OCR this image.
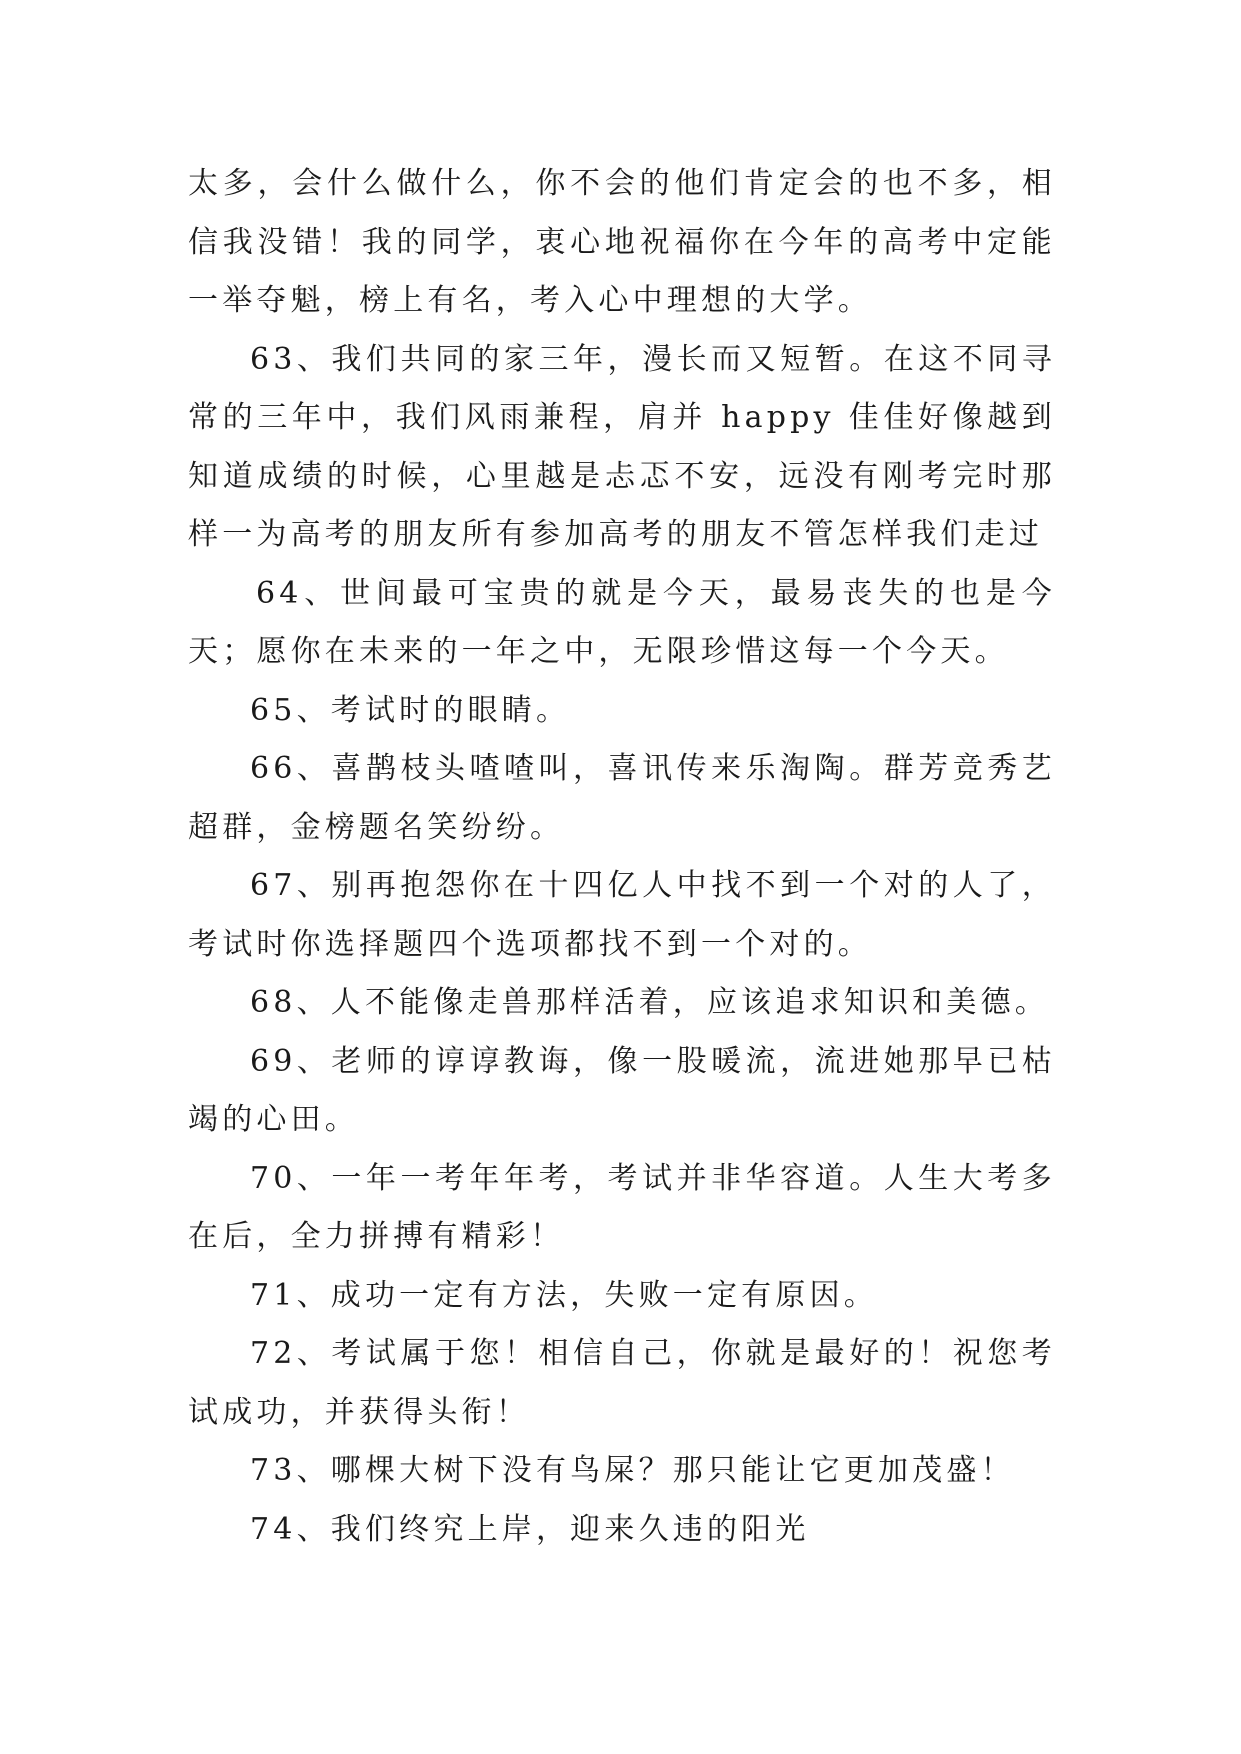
太多，会什么做什么，你不会的他们肯定会的也不多，相信我没错！我的同学，衷心地祝福你在今年的高考中定能一举夺魁，榜上有名，考入心中理想的大学。

63、我们共同的家三年，漫长而又短暂。在这不同寻常的三年中，我们风雨兼程，肩并 happy 佳佳好像越到知道成绩的时候，心里越是忐忑不安，远没有刚考完时那样一为高考的朋友所有参加高考的朋友不管怎样我们走过

64、世间最可宝贵的就是今天，最易丧失的也是今天；愿你在未来的一年之中，无限珍惜这每一个今天。

65、考试时的眼睛。

66、喜鹊枝头喳喳叫，喜讯传来乐淘陶。群芳竞秀艺超群，金榜题名笑纷纷。

67、别再抱怨你在十四亿人中找不到一个对的人了，考试时你选择题四个选项都找不到一个对的。

68、人不能像走兽那样活着，应该追求知识和美德。

69、老师的谆谆教诲，像一股暖流，流进她那早已枯竭的心田。

70、一年一考年年考，考试并非华容道。人生大考多在后，全力拼搏有精彩！

71、成功一定有方法，失败一定有原因。

72、考试属于您！相信自己，你就是最好的！祝您考试成功，并获得头衔！

73、哪棵大树下没有鸟屎？那只能让它更加茂盛！

74、我们终究上岸，迎来久违的阳光
